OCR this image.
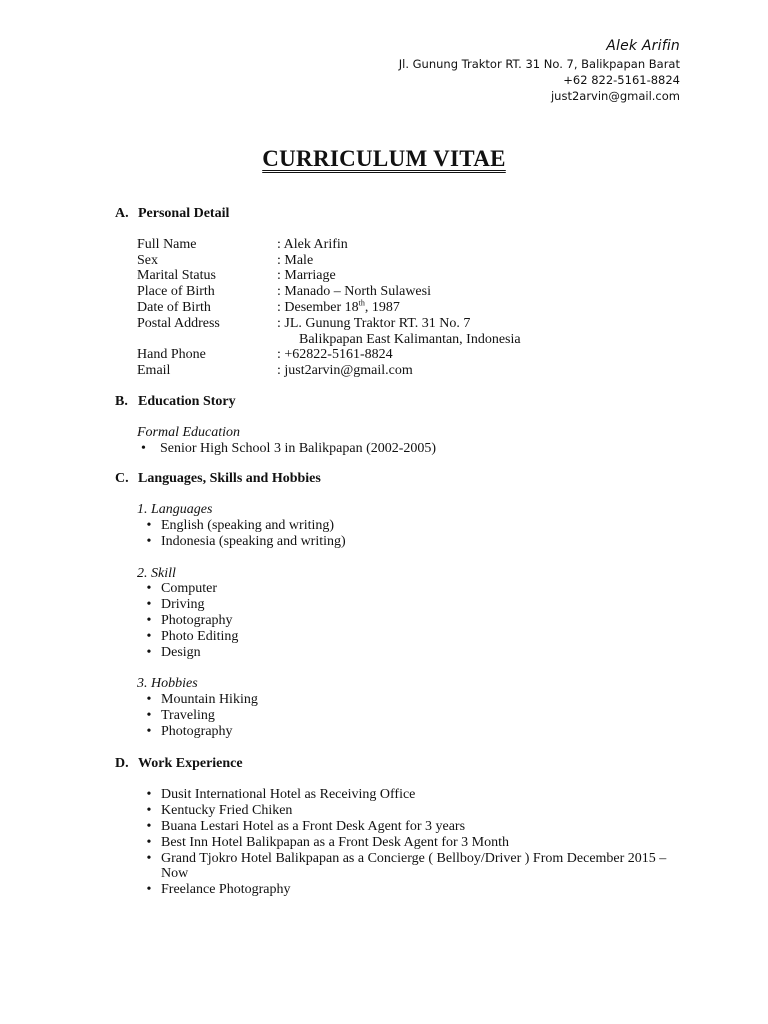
Alek Arifin
Jl. Gunung Traktor RT. 31 No. 7, Balikpapan Barat
+62 822-5161-8824
just2arvin@gmail.com
CURRICULUM VITAE
A. Personal Detail
Full Name	: Alek Arifin
Sex	: Male
Marital Status	: Marriage
Place of Birth	: Manado – North Sulawesi
Date of Birth	: Desember 18th, 1987
Postal Address	: JL. Gunung Traktor RT. 31 No. 7
Balikpapan East Kalimantan, Indonesia
Hand Phone	: +62822-5161-8824
Email	: just2arvin@gmail.com
B. Education Story
Formal Education
•	Senior High School 3 in Balikpapan (2002-2005)
C. Languages, Skills and Hobbies
1. Languages
• English (speaking and writing)
• Indonesia (speaking and writing)
2. Skill
• Computer
• Driving
• Photography
• Photo Editing
• Design
3. Hobbies
• Mountain Hiking
• Traveling
• Photography
D. Work Experience
• Dusit International Hotel as Receiving Office
• Kentucky Fried Chiken
• Buana Lestari Hotel as a Front Desk Agent for 3 years
• Best Inn Hotel Balikpapan as a Front Desk Agent for 3 Month
• Grand Tjokro Hotel Balikpapan as a Concierge ( Bellboy/Driver ) From December 2015 – Now
• Freelance Photography
